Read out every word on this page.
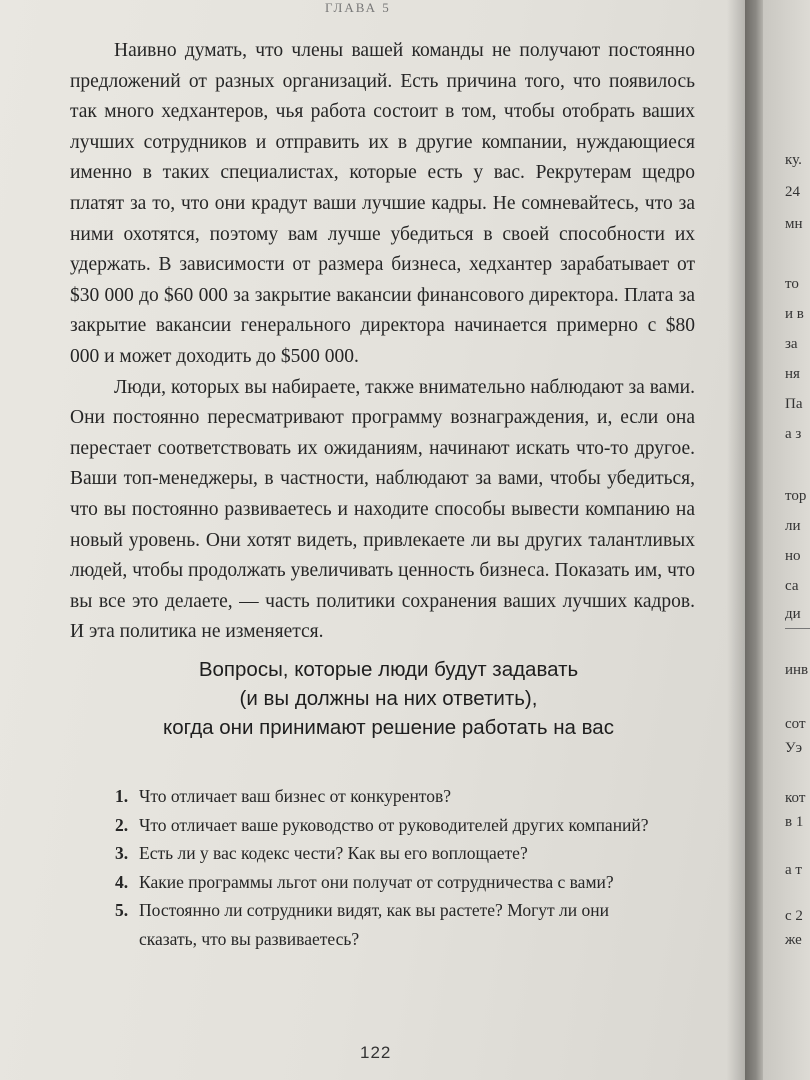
ГЛАВА 5

Наивно думать, что члены вашей команды не получают постоянно предложений от разных организаций. Есть причина того, что появилось так много хедхантеров, чья работа состоит в том, чтобы отобрать ваших лучших сотрудников и отправить их в другие компании, нуждающиеся именно в таких специалистах, которые есть у вас. Рекрутерам щедро платят за то, что они крадут ваши лучшие кадры. Не сомневайтесь, что за ними охотятся, поэтому вам лучше убедиться в своей способности их удержать. В зависимости от размера бизнеса, хедхантер зарабатывает от $30 000 до $60 000 за закрытие вакансии финансового директора. Плата за закрытие вакансии генерального директора начинается примерно с $80 000 и может доходить до $500 000.

Люди, которых вы набираете, также внимательно наблюдают за вами. Они постоянно пересматривают программу вознаграждения, и, если она перестает соответствовать их ожиданиям, начинают искать что-то другое. Ваши топ-менеджеры, в частности, наблюдают за вами, чтобы убедиться, что вы постоянно развиваетесь и находите способы вывести компанию на новый уровень. Они хотят видеть, привлекаете ли вы других талантливых людей, чтобы продолжать увеличивать ценность бизнеса. Показать им, что вы все это делаете, — часть политики сохранения ваших лучших кадров. И эта политика не изменяется.

Вопросы, которые люди будут задавать
(и вы должны на них ответить),
когда они принимают решение работать на вас
1. Что отличает ваш бизнес от конкурентов?
2. Что отличает ваше руководство от руководителей других компаний?
3. Есть ли у вас кодекс чести? Как вы его воплощаете?
4. Какие программы льгот они получат от сотрудничества с вами?
5. Постоянно ли сотрудники видят, как вы растете? Могут ли они сказать, что вы развиваетесь?
122
ку.
24
мн
то
и в
за
ня
Па
а з
тор
ли
но
са
ди
инв
сот
Уэ
кот
в 1
а т
с 2
же
